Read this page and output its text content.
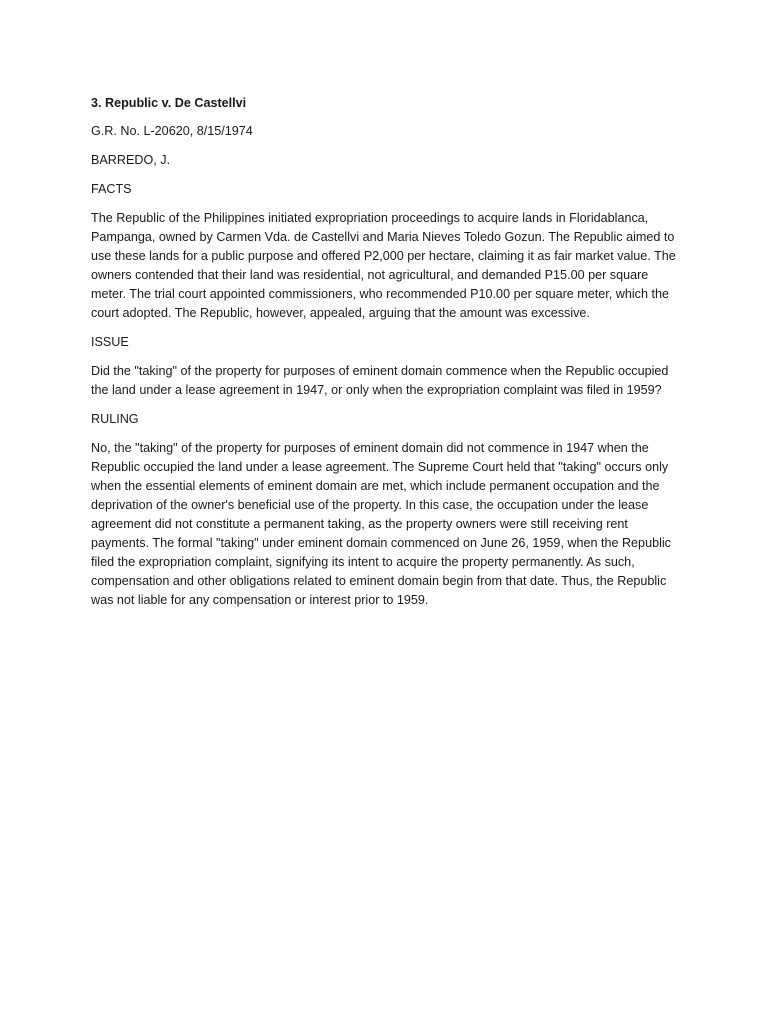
3. Republic v. De Castellvi

G.R. No. L-20620, 8/15/1974

BARREDO, J.

FACTS

The Republic of the Philippines initiated expropriation proceedings to acquire lands in Floridablanca, Pampanga, owned by Carmen Vda. de Castellvi and Maria Nieves Toledo Gozun. The Republic aimed to use these lands for a public purpose and offered P2,000 per hectare, claiming it as fair market value. The owners contended that their land was residential, not agricultural, and demanded P15.00 per square meter. The trial court appointed commissioners, who recommended P10.00 per square meter, which the court adopted. The Republic, however, appealed, arguing that the amount was excessive.

ISSUE

Did the "taking" of the property for purposes of eminent domain commence when the Republic occupied the land under a lease agreement in 1947, or only when the expropriation complaint was filed in 1959?

RULING

No, the "taking" of the property for purposes of eminent domain did not commence in 1947 when the Republic occupied the land under a lease agreement. The Supreme Court held that "taking" occurs only when the essential elements of eminent domain are met, which include permanent occupation and the deprivation of the owner's beneficial use of the property. In this case, the occupation under the lease agreement did not constitute a permanent taking, as the property owners were still receiving rent payments. The formal "taking" under eminent domain commenced on June 26, 1959, when the Republic filed the expropriation complaint, signifying its intent to acquire the property permanently. As such, compensation and other obligations related to eminent domain begin from that date. Thus, the Republic was not liable for any compensation or interest prior to 1959.
